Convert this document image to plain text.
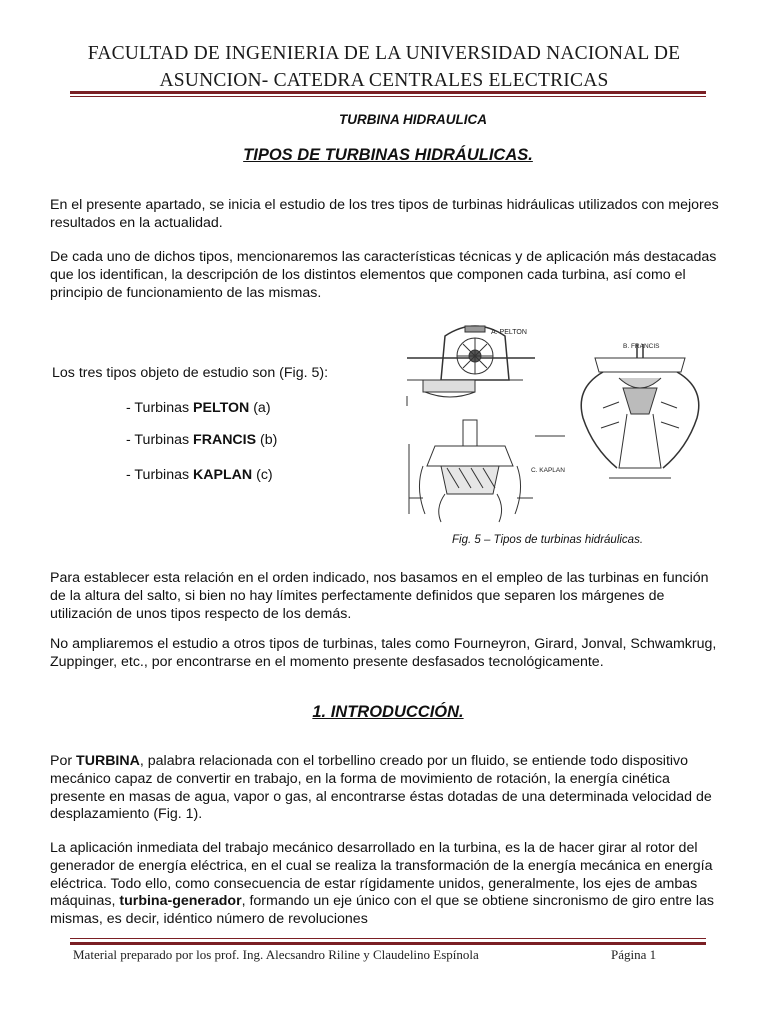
FACULTAD DE INGENIERIA DE LA UNIVERSIDAD NACIONAL DE
ASUNCION- CATEDRA CENTRALES ELECTRICAS
TURBINA HIDRAULICA
TIPOS DE TURBINAS HIDRÁULICAS.
En el presente apartado, se inicia el estudio de los tres tipos de turbinas hidráulicas utilizados con mejores resultados en la actualidad.
De cada uno de dichos tipos, mencionaremos las características técnicas y de aplicación más destacadas que los identifican, la descripción de los distintos elementos que componen cada turbina, así como el principio de funcionamiento de las mismas.
Los tres tipos objeto de estudio son (Fig. 5):
- Turbinas PELTON (a)
- Turbinas FRANCIS (b)
- Turbinas KAPLAN (c)
A. PELTON
B. FRANCIS
C. KAPLAN
Fig. 5 – Tipos de turbinas hidráulicas.
Para establecer esta relación en el orden indicado, nos basamos en el empleo de las turbinas en función de la altura del salto, si bien no hay límites perfectamente definidos que separen los márgenes de utilización de unos tipos respecto de los demás.
No ampliaremos el estudio a otros tipos de turbinas, tales como Fourneyron, Girard, Jonval, Schwamkrug, Zuppinger, etc., por encontrarse en el momento presente desfasados tecnológicamente.
1. INTRODUCCIÓN.
Por TURBINA, palabra relacionada con el torbellino creado por un fluido, se entiende todo dispositivo mecánico capaz de convertir en trabajo, en la forma de movimiento de rotación, la energía cinética presente en masas de agua, vapor o gas, al encontrarse éstas dotadas de una determinada velocidad de desplazamiento (Fig. 1).
La aplicación inmediata del trabajo mecánico desarrollado en la turbina, es la de hacer girar al rotor del generador de energía eléctrica, en el cual se realiza la transformación de la energía mecánica en energía eléctrica. Todo ello, como consecuencia de estar rígidamente unidos, generalmente, los ejes de ambas máquinas, turbina-generador, formando un eje único con el que se obtiene sincronismo de giro entre las mismas, es decir, idéntico número de revoluciones
Material preparado por los prof. Ing. Alecsandro Riline y Claudelino Espínola	Página 1
